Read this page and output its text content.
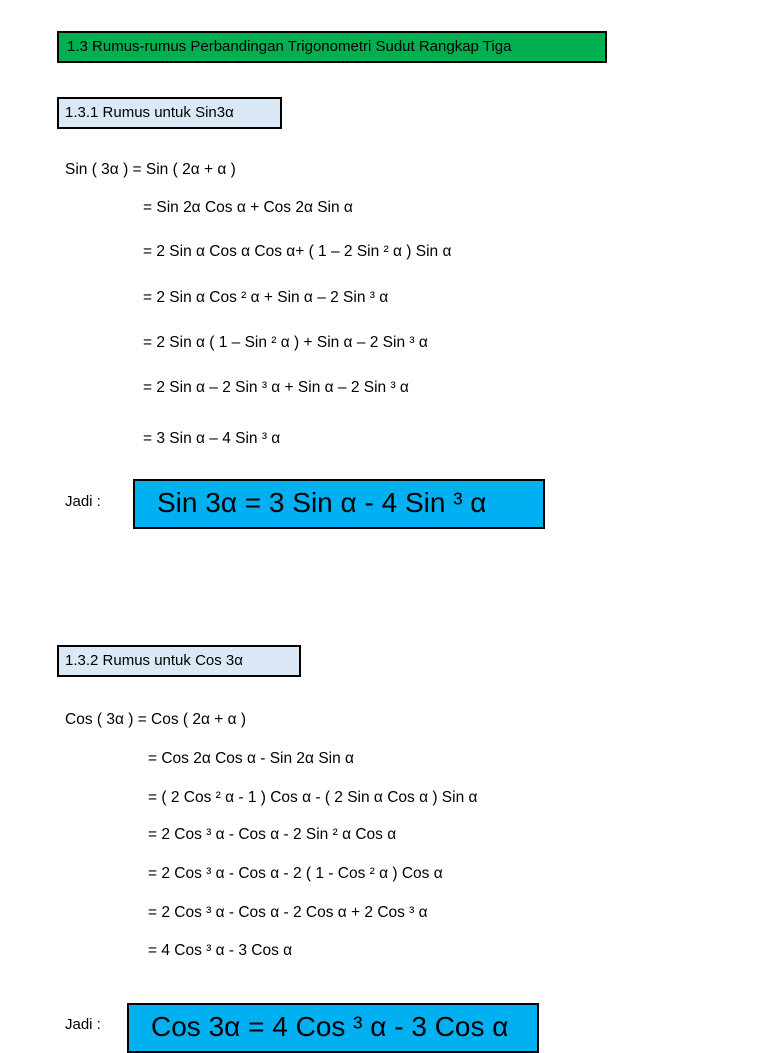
1.3 Rumus-rumus Perbandingan Trigonometri Sudut Rangkap Tiga
1.3.1 Rumus untuk Sin3α
Sin ( 3α ) = Sin ( 2α + α )
= Sin 2α Cos α + Cos 2α Sin α
= 2 Sin α Cos α Cos α+ ( 1 – 2 Sin ² α ) Sin α
= 2 Sin α Cos ² α + Sin α – 2 Sin ³ α
= 2 Sin α ( 1 – Sin ² α ) + Sin α – 2 Sin ³ α
= 2 Sin α – 2 Sin ³ α + Sin α – 2 Sin ³ α
= 3 Sin α – 4 Sin ³ α
Jadi :	Sin 3α = 3 Sin α - 4 Sin ³ α
1.3.2 Rumus untuk Cos 3α
Cos ( 3α ) = Cos ( 2α + α )
= Cos 2α Cos α - Sin 2α Sin α
= ( 2 Cos ² α - 1 ) Cos α - ( 2 Sin α Cos α ) Sin α
= 2 Cos ³ α - Cos α - 2 Sin ² α Cos α
= 2 Cos ³ α - Cos α - 2 ( 1 - Cos ² α ) Cos α
= 2 Cos ³ α - Cos α - 2 Cos α + 2 Cos ³ α
= 4 Cos ³ α - 3 Cos α
Jadi :	Cos 3α = 4 Cos ³ α - 3 Cos α
